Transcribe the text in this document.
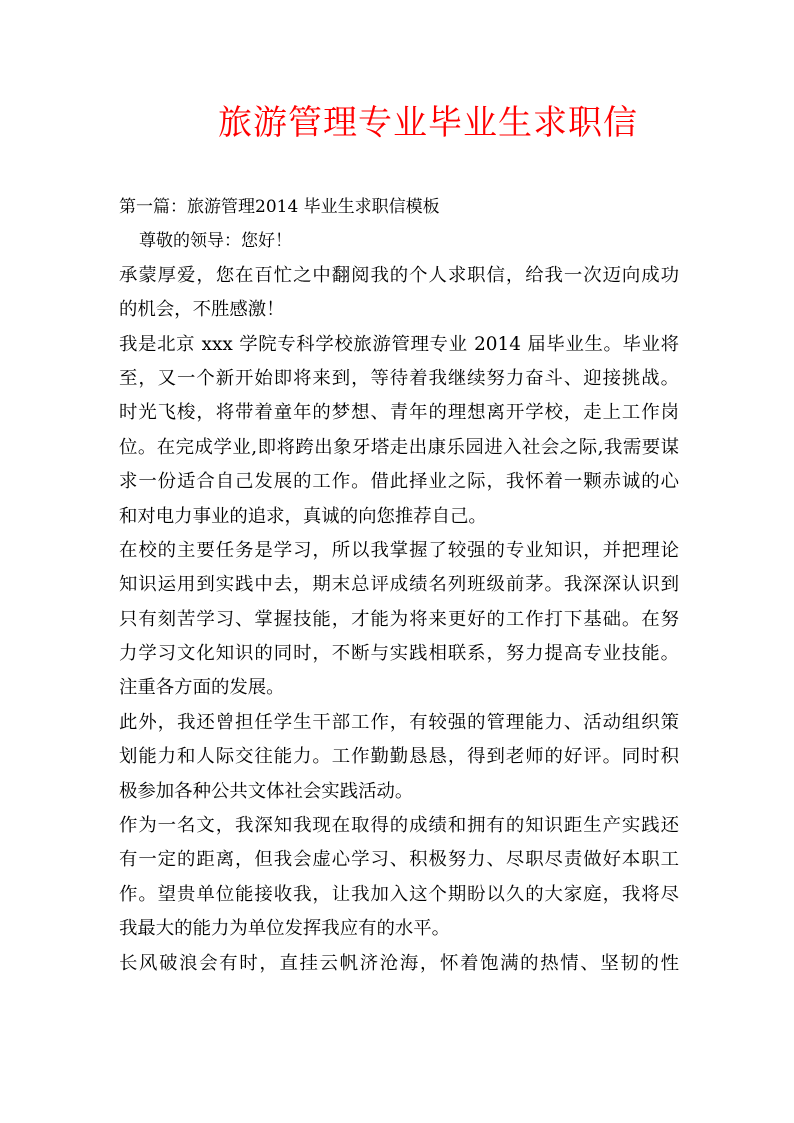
旅游管理专业毕业生求职信
第一篇：旅游管理2014 毕业生求职信模板
尊敬的领导：您好！
承蒙厚爱，您在百忙之中翻阅我的个人求职信，给我一次迈向成功
的机会，不胜感激！
我是北京 xxx 学院专科学校旅游管理专业 2014 届毕业生。毕业将
至，又一个新开始即将来到，等待着我继续努力奋斗、迎接挑战。
时光飞梭，将带着童年的梦想、青年的理想离开学校，走上工作岗
位。在完成学业,即将跨出象牙塔走出康乐园进入社会之际,我需要谋
求一份适合自己发展的工作。借此择业之际，我怀着一颗赤诚的心
和对电力事业的追求，真诚的向您推荐自己。
在校的主要任务是学习，所以我掌握了较强的专业知识，并把理论
知识运用到实践中去，期末总评成绩名列班级前茅。我深深认识到
只有刻苦学习、掌握技能，才能为将来更好的工作打下基础。在努
力学习文化知识的同时，不断与实践相联系，努力提高专业技能。
注重各方面的发展。
此外，我还曾担任学生干部工作，有较强的管理能力、活动组织策
划能力和人际交往能力。工作勤勤恳恳，得到老师的好评。同时积
极参加各种公共文体社会实践活动。
作为一名文，我深知我现在取得的成绩和拥有的知识距生产实践还
有一定的距离，但我会虚心学习、积极努力、尽职尽责做好本职工
作。望贵单位能接收我，让我加入这个期盼以久的大家庭，我将尽
我最大的能力为单位发挥我应有的水平。
长风破浪会有时，直挂云帆济沧海，怀着饱满的热情、坚韧的性
